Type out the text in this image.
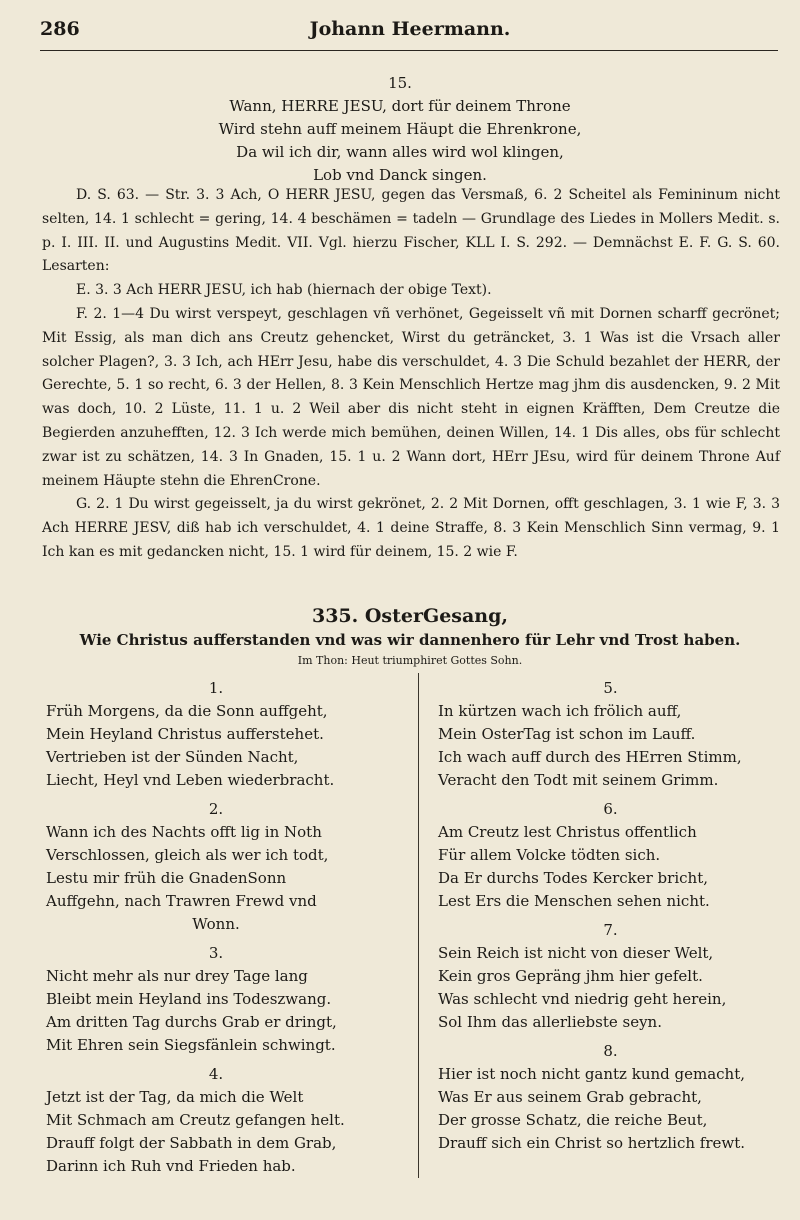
286	Johann Heermann.
15.
Wann, HERRE JESU, dort für deinem Throne
Wird stehn auff meinem Häupt die Ehrenkrone,
Da wil ich dir, wann alles wird wol klingen,
Lob vnd Danck singen.

D. S. 63. — Str. 3. 3 Ach, O HERR JESU, gegen das Versmaß, 6. 2 Scheitel als Femininum nicht selten, 14. 1 schlecht = gering, 14. 4 beschämen = tadeln — Grundlage des Liedes in Mollers Medit. s. p. I. III. II. und Augustins Medit. VII. Vgl. hierzu Fischer, KLL I. S. 292. — Demnächst E. F. G. S. 60. Lesarten:

E. 3. 3 Ach HERR JESU, ich hab (hiernach der obige Text).

F. 2. 1—4 Du wirst verspeyt, geschlagen vñ verhönet, Gegeisselt vñ mit Dornen scharff gecrönet; Mit Essig, als man dich ans Creutz gehencket, Wirst du geträncket, 3. 1 Was ist die Vrsach aller solcher Plagen?, 3. 3 Ich, ach HErr Jesu, habe dis verschuldet, 4. 3 Die Schuld bezahlet der HERR, der Gerechte, 5. 1 so recht, 6. 3 der Hellen, 8. 3 Kein Menschlich Hertze mag jhm dis ausdencken, 9. 2 Mit was doch, 10. 2 Lüste, 11. 1 u. 2 Weil aber dis nicht steht in eignen Kräfften, Dem Creutze die Begierden anzuhefften, 12. 3 Ich werde mich bemühen, deinen Willen, 14. 1 Dis alles, obs für schlecht zwar ist zu schätzen, 14. 3 In Gnaden, 15. 1 u. 2 Wann dort, HErr JEsu, wird für deinem Throne Auf meinem Häupte stehn die EhrenCrone.

G. 2. 1 Du wirst gegeisselt, ja du wirst gekrönet, 2. 2 Mit Dornen, offt geschlagen, 3. 1 wie F, 3. 3 Ach HERRE JESV, diß hab ich verschuldet, 4. 1 deine Straffe, 8. 3 Kein Menschlich Sinn vermag, 9. 1 Ich kan es mit gedancken nicht, 15. 1 wird für deinem, 15. 2 wie F.

335. OsterGesang,
Wie Christus aufferstanden vnd was wir dannenhero für Lehr vnd Trost haben.
Im Thon: Heut triumphiret Gottes Sohn.
1.
Früh Morgens, da die Sonn auffgeht,
Mein Heyland Christus aufferstehet.
Vertrieben ist der Sünden Nacht,
Liecht, Heyl vnd Leben wiederbracht.
2.
Wann ich des Nachts offt lig in Noth
Verschlossen, gleich als wer ich todt,
Lestu mir früh die GnadenSonn
Auffgehn, nach Trawren Frewd vnd
Wonn.
3.
Nicht mehr als nur drey Tage lang
Bleibt mein Heyland ins Todeszwang.
Am dritten Tag durchs Grab er dringt,
Mit Ehren sein Siegsfänlein schwingt.
4.
Jetzt ist der Tag, da mich die Welt
Mit Schmach am Creutz gefangen helt.
Drauff folgt der Sabbath in dem Grab,
Darinn ich Ruh vnd Frieden hab.
5.
In kürtzen wach ich frölich auff,
Mein OsterTag ist schon im Lauff.
Ich wach auff durch des HErren Stimm,
Veracht den Todt mit seinem Grimm.
6.
Am Creutz lest Christus offentlich
Für allem Volcke tödten sich.
Da Er durchs Todes Kercker bricht,
Lest Ers die Menschen sehen nicht.
7.
Sein Reich ist nicht von dieser Welt,
Kein gros Gepräng jhm hier gefelt.
Was schlecht vnd niedrig geht herein,
Sol Ihm das allerliebste seyn.
8.
Hier ist noch nicht gantz kund gemacht,
Was Er aus seinem Grab gebracht,
Der grosse Schatz, die reiche Beut,
Drauff sich ein Christ so hertzlich frewt.
